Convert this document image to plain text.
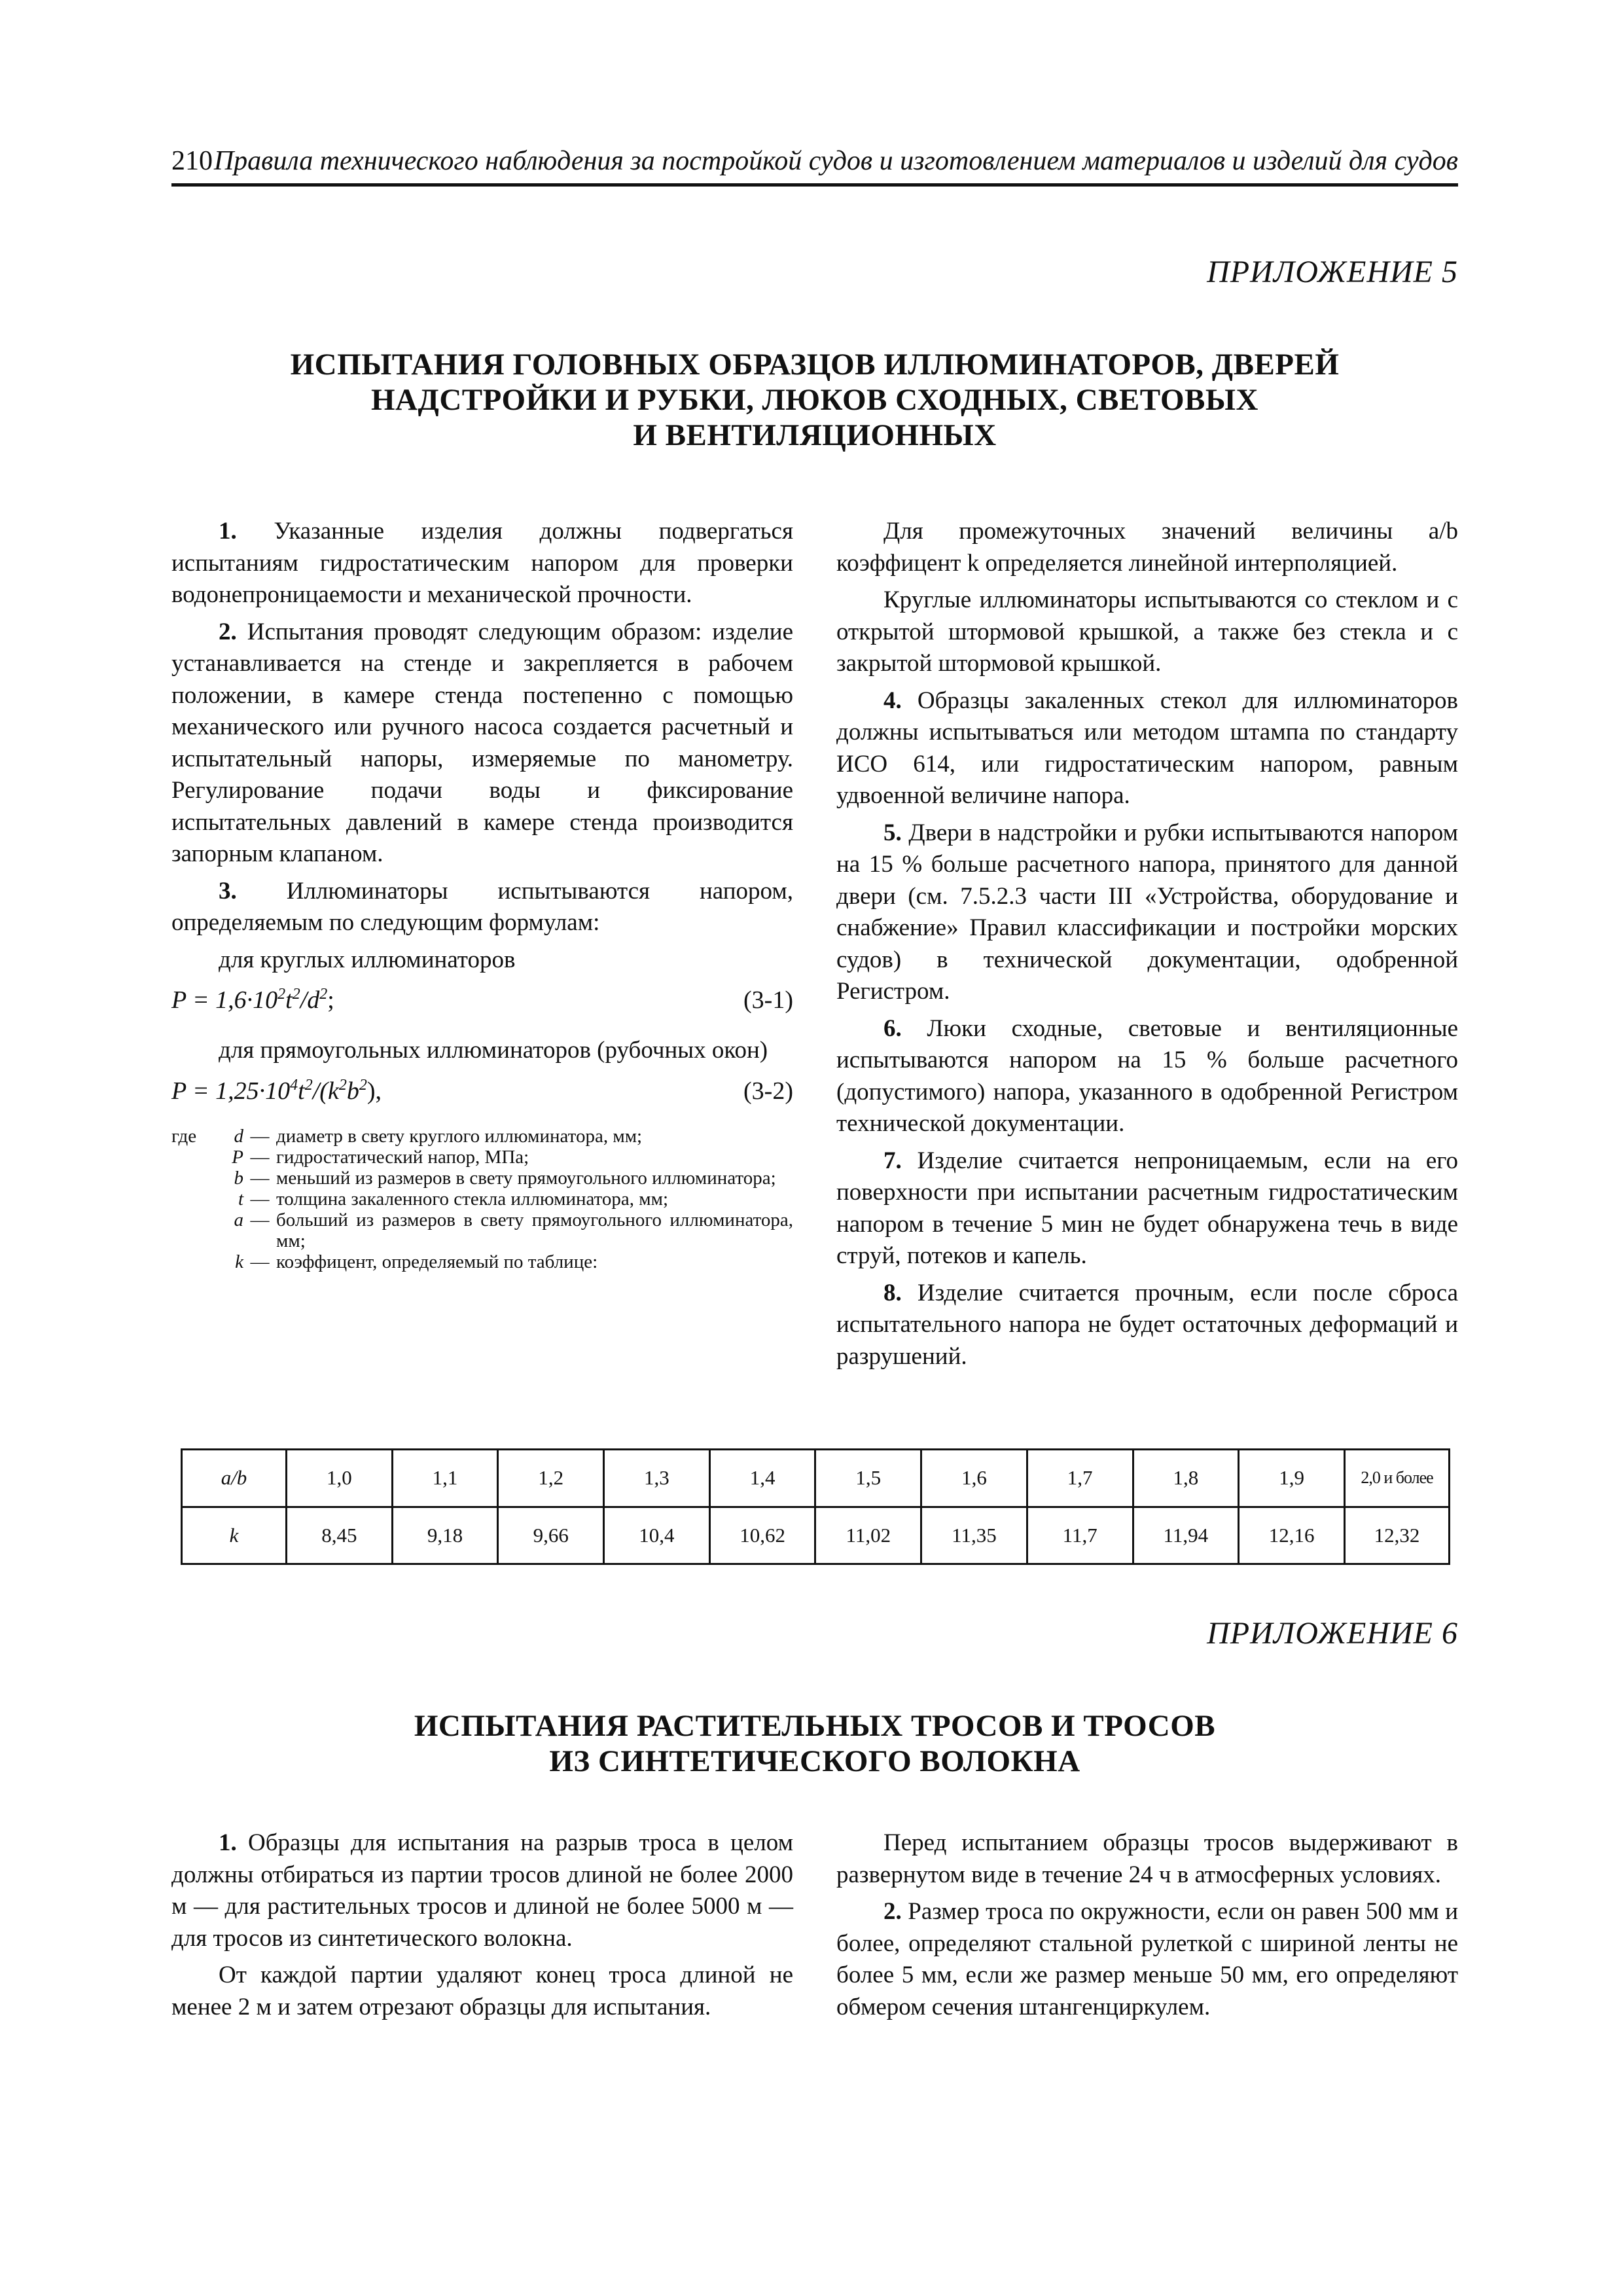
210 Правила технического наблюдения за постройкой судов и изготовлением материалов и изделий для судов
ПРИЛОЖЕНИЕ 5
ИСПЫТАНИЯ ГОЛОВНЫХ ОБРАЗЦОВ ИЛЛЮМИНАТОРОВ, ДВЕРЕЙ
НАДСТРОЙКИ И РУБКИ, ЛЮКОВ СХОДНЫХ, СВЕТОВЫХ
И ВЕНТИЛЯЦИОННЫХ

1. Указанные изделия должны подвергаться испытаниям гидростатическим напором для проверки водонепроницаемости и механической прочности.

2. Испытания проводят следующим образом: изделие устанавливается на стенде и закрепляется в рабочем положении, в камере стенда постепенно с помощью механического или ручного насоса создается расчетный и испытательный напоры, измеряемые по манометру. Регулирование подачи воды и фиксирование испытательных давлений в камере стенда производится запорным клапаном.

3. Иллюминаторы испытываются напором, определяемым по следующим формулам:

для круглых иллюминаторов

$P = 1,6\cdot 10^2t^2/d^2$;	(3-1)

для прямоугольных иллюминаторов (рубочных окон)

$P = 1,25\cdot 10^4t^2/(k^2b^2)$,	(3-2)
где	d — диаметр в свету круглого иллюминатора, мм;
P — гидростатический напор, МПа;
b — меньший из размеров в свету прямоугольного иллюминатора;
t — толщина закаленного стекла иллюминатора, мм;
a — больший из размеров в свету прямоугольного иллюминатора, мм;
k — коэффицент, определяемый по таблице:

Для промежуточных значений величины a/b коэффицент k определяется линейной интерполяцией.

Круглые иллюминаторы испытываются со стеклом и с открытой штормовой крышкой, а также без стекла и с закрытой штормовой крышкой.

4. Образцы закаленных стекол для иллюминаторов должны испытываться или методом штампа по стандарту ИСО 614, или гидростатическим напором, равным удвоенной величине напора.

5. Двери в надстройки и рубки испытываются напором на 15 % больше расчетного напора, принятого для данной двери (см. 7.5.2.3 части III «Устройства, оборудование и снабжение» Правил классификации и постройки морских судов) в технической документации, одобренной Регистром.

6. Люки сходные, световые и вентиляционные испытываются напором на 15 % больше расчетного (допустимого) напора, указанного в одобренной Регистром технической документации.

7. Изделие считается непроницаемым, если на его поверхности при испытании расчетным гидростатическим напором в течение 5 мин не будет обнаружена течь в виде струй, потеков и капель.

8. Изделие считается прочным, если после сброса испытательного напора не будет остаточных деформаций и разрушений.

a/b	1,0	1,1	1,2	1,3	1,4	1,5	1,6	1,7	1,8	1,9	2,0 и более
k	8,45	9,18	9,66	10,4	10,62	11,02	11,35	11,7	11,94	12,16	12,32
ПРИЛОЖЕНИЕ 6
ИСПЫТАНИЯ РАСТИТЕЛЬНЫХ ТРОСОВ И ТРОСОВ
ИЗ СИНТЕТИЧЕСКОГО ВОЛОКНА

1. Образцы для испытания на разрыв троса в целом должны отбираться из партии тросов длиной не более 2000 м — для растительных тросов и длиной не более 5000 м — для тросов из синтетического волокна.

От каждой партии удаляют конец троса длиной не менее 2 м и затем отрезают образцы для испытания.

Перед испытанием образцы тросов выдерживают в развернутом виде в течение 24 ч в атмосферных условиях.

2. Размер троса по окружности, если он равен 500 мм и более, определяют стальной рулеткой с шириной ленты не более 5 мм, если же размер меньше 50 мм, его определяют обмером сечения штангенциркулем.
